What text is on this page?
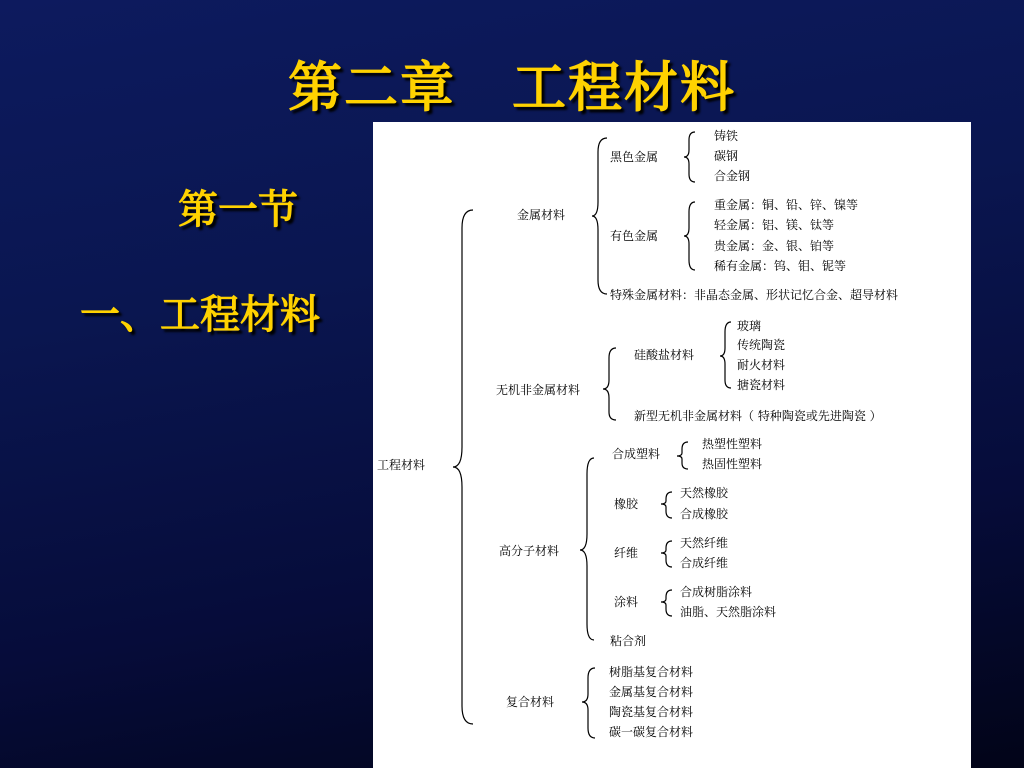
第二章　工程材料
第一节
一、工程材料
工程材料
金属材料
黑色金属
铸铁
碳钢
合金钢
有色金属
重金属：铜、铅、锌、镍等
轻金属：铝、镁、钛等
贵金属：金、银、铂等
稀有金属：钨、钼、铌等
特殊金属材料：非晶态金属、形状记忆合金、超导材料
无机非金属材料
硅酸盐材料
玻璃
传统陶瓷
耐火材料
搪瓷材料
新型无机非金属材料（ 特种陶瓷或先进陶瓷 ）
高分子材料
合成塑料
热塑性塑料
热固性塑料
橡胶
天然橡胶
合成橡胶
纤维
天然纤维
合成纤维
涂料
合成树脂涂料
油脂、天然脂涂料
粘合剂
复合材料
树脂基复合材料
金属基复合材料
陶瓷基复合材料
碳一碳复合材料
